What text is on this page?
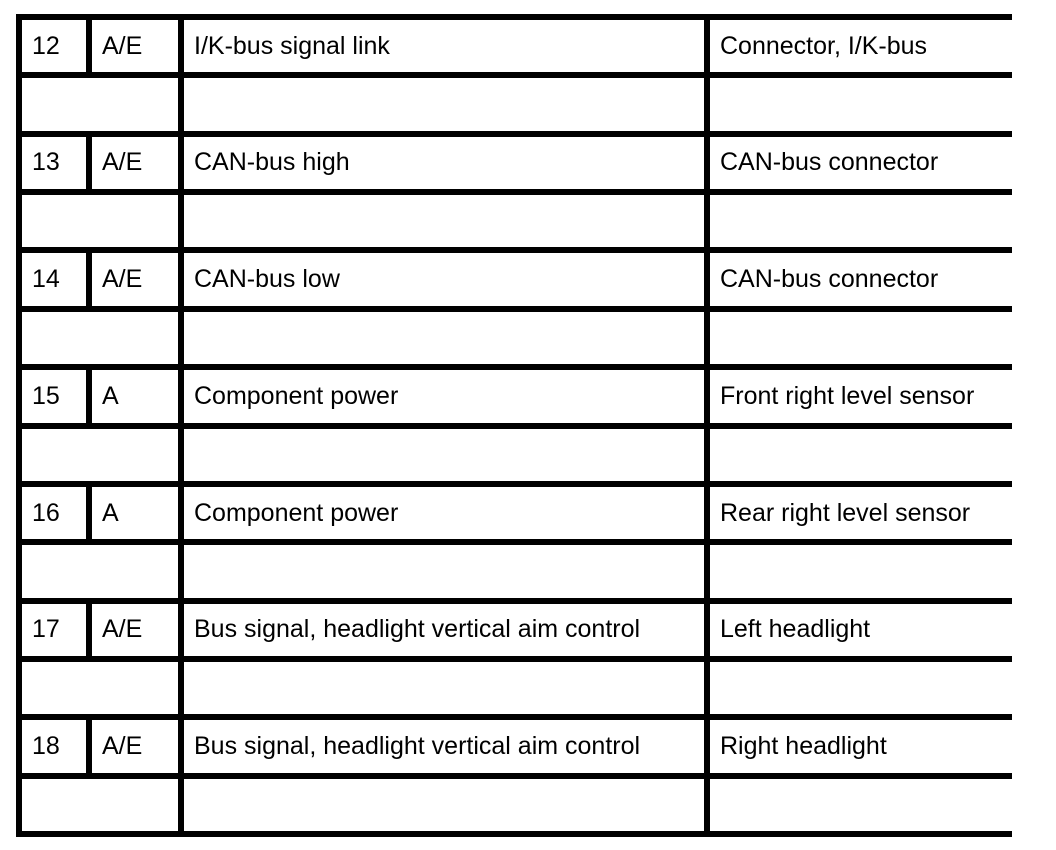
12	A/E	I/K-bus signal link	Connector, I/K-bus
13	A/E	CAN-bus high	CAN-bus connector
14	A/E	CAN-bus low	CAN-bus connector
15	A	Component power	Front right level sensor
16	A	Component power	Rear right level sensor
17	A/E	Bus signal, headlight vertical aim control	Left headlight
18	A/E	Bus signal, headlight vertical aim control	Right headlight
